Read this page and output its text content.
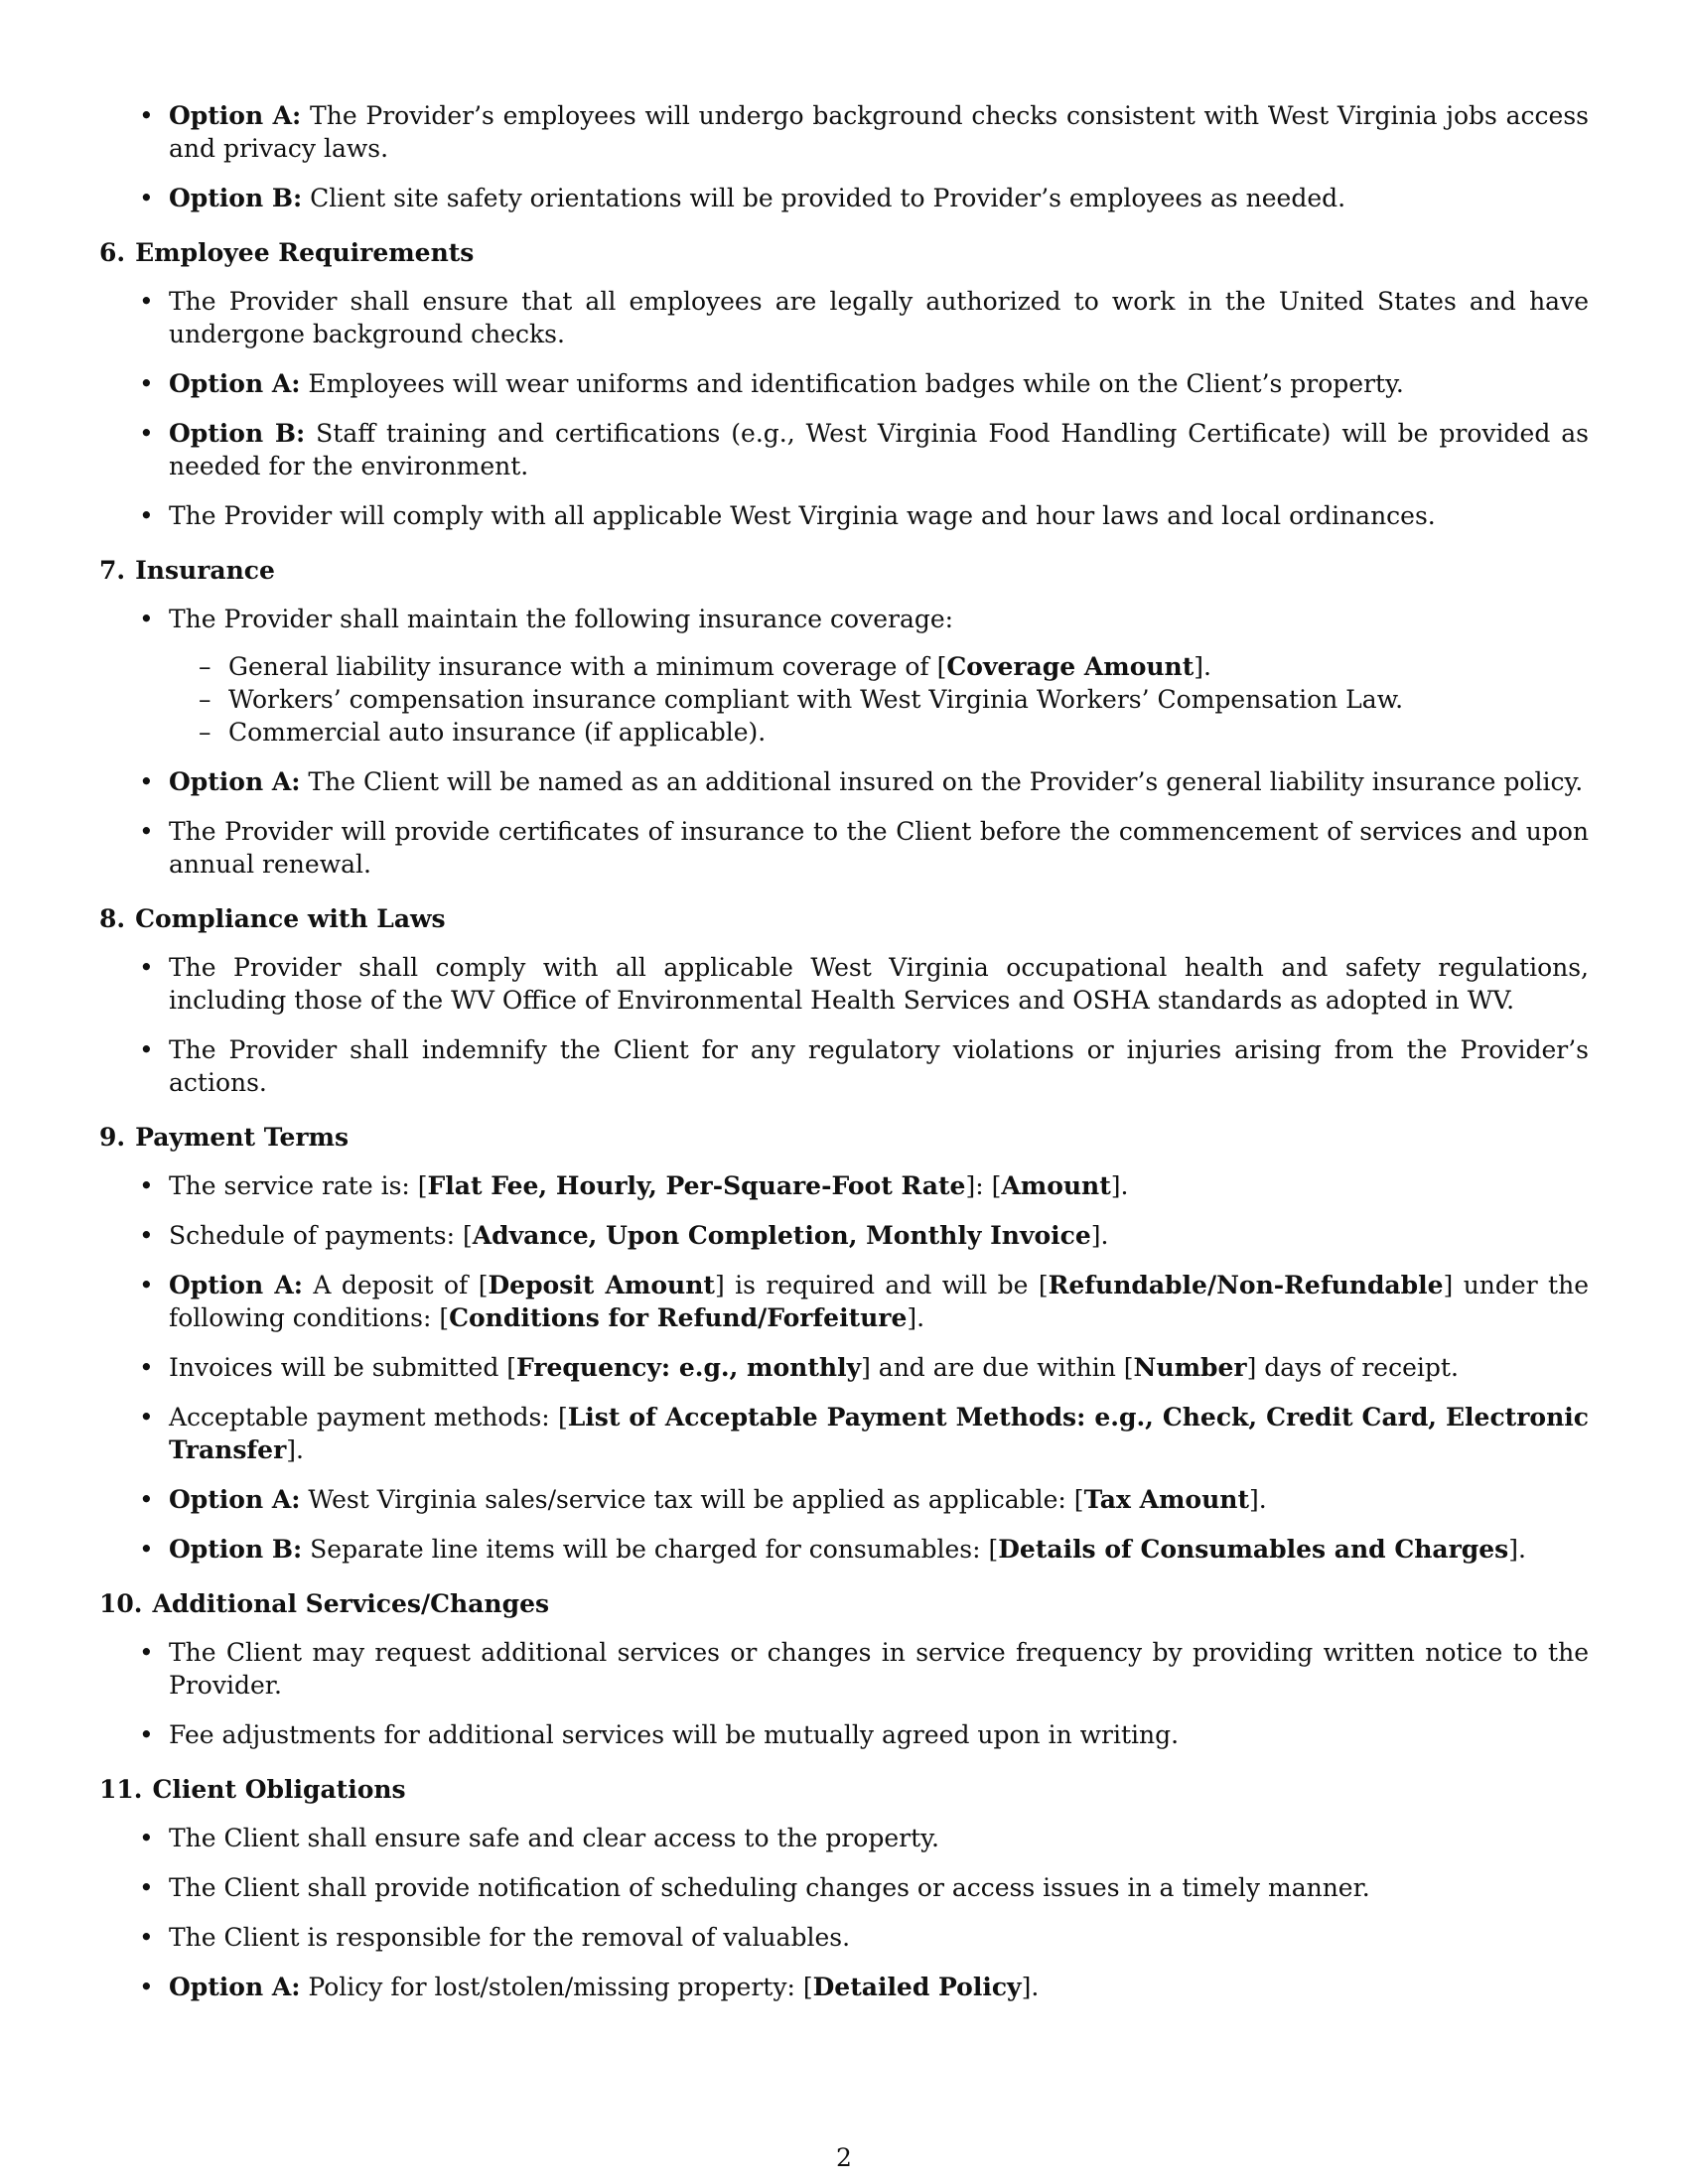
• Option A: The Provider’s employees will undergo background checks consistent with West Virginia jobs access and privacy laws.
• Option B: Client site safety orientations will be provided to Provider’s employees as needed.
6. Employee Requirements
• The Provider shall ensure that all employees are legally authorized to work in the United States and have undergone background checks.
• Option A: Employees will wear uniforms and identification badges while on the Client’s property.
• Option B: Staff training and certifications (e.g., West Virginia Food Handling Certificate) will be provided as needed for the environment.
• The Provider will comply with all applicable West Virginia wage and hour laws and local ordinances.
7. Insurance
• The Provider shall maintain the following insurance coverage:
– General liability insurance with a minimum coverage of [Coverage Amount].
– Workers’ compensation insurance compliant with West Virginia Workers’ Compensation Law.
– Commercial auto insurance (if applicable).
• Option A: The Client will be named as an additional insured on the Provider’s general liability insurance policy.
• The Provider will provide certificates of insurance to the Client before the commencement of services and upon annual renewal.
8. Compliance with Laws
• The Provider shall comply with all applicable West Virginia occupational health and safety regulations, including those of the WV Office of Environmental Health Services and OSHA standards as adopted in WV.
• The Provider shall indemnify the Client for any regulatory violations or injuries arising from the Provider’s actions.
9. Payment Terms
• The service rate is: [Flat Fee, Hourly, Per-Square-Foot Rate]: [Amount].
• Schedule of payments: [Advance, Upon Completion, Monthly Invoice].
• Option A: A deposit of [Deposit Amount] is required and will be [Refundable/Non-Refundable] under the following conditions: [Conditions for Refund/Forfeiture].
• Invoices will be submitted [Frequency: e.g., monthly] and are due within [Number] days of receipt.
• Acceptable payment methods: [List of Acceptable Payment Methods: e.g., Check, Credit Card, Electronic Transfer].
• Option A: West Virginia sales/service tax will be applied as applicable: [Tax Amount].
• Option B: Separate line items will be charged for consumables: [Details of Consumables and Charges].
10. Additional Services/Changes
• The Client may request additional services or changes in service frequency by providing written notice to the Provider.
• Fee adjustments for additional services will be mutually agreed upon in writing.
11. Client Obligations
• The Client shall ensure safe and clear access to the property.
• The Client shall provide notification of scheduling changes or access issues in a timely manner.
• The Client is responsible for the removal of valuables.
• Option A: Policy for lost/stolen/missing property: [Detailed Policy].
2
